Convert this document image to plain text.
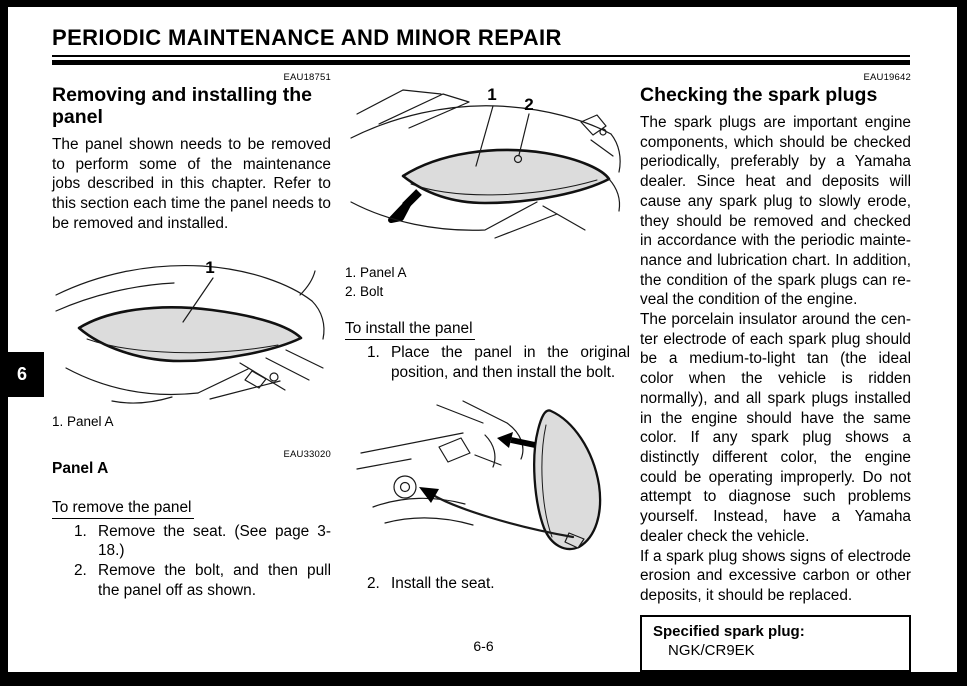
PERIODIC MAINTENANCE AND MINOR REPAIR
6
EAU18751
Removing and installing the panel

The panel shown needs to be removed to perform some of the maintenance jobs described in this chapter. Refer to this section each time the panel needs to be removed and installed.

1
1. Panel A
EAU33020
Panel A
To remove the panel
1. Remove the seat. (See page 3-18.)
2. Remove the bolt, and then pull the panel off as shown.
1
2
1. Panel A
2. Bolt
To install the panel
1. Place the panel in the original position, and then install the bolt.
2. Install the seat.
EAU19642
Checking the spark plugs

The spark plugs are important engine components, which should be checked periodically, preferably by a Yamaha dealer. Since heat and deposits will cause any spark plug to slowly erode, they should be removed and checked in accordance with the periodic maintenance and lubrication chart. In addition, the condition of the spark plugs can reveal the condition of the engine.

The porcelain insulator around the center electrode of each spark plug should be a medium-to-light tan (the ideal color when the vehicle is ridden normally), and all spark plugs installed in the engine should have the same color. If any spark plug shows a distinctly different color, the engine could be operating improperly. Do not attempt to diagnose such problems yourself. Instead, have a Yamaha dealer check the vehicle.

If a spark plug shows signs of electrode erosion and excessive carbon or other deposits, it should be replaced.

Specified spark plug:
NGK/CR9EK
6-6
